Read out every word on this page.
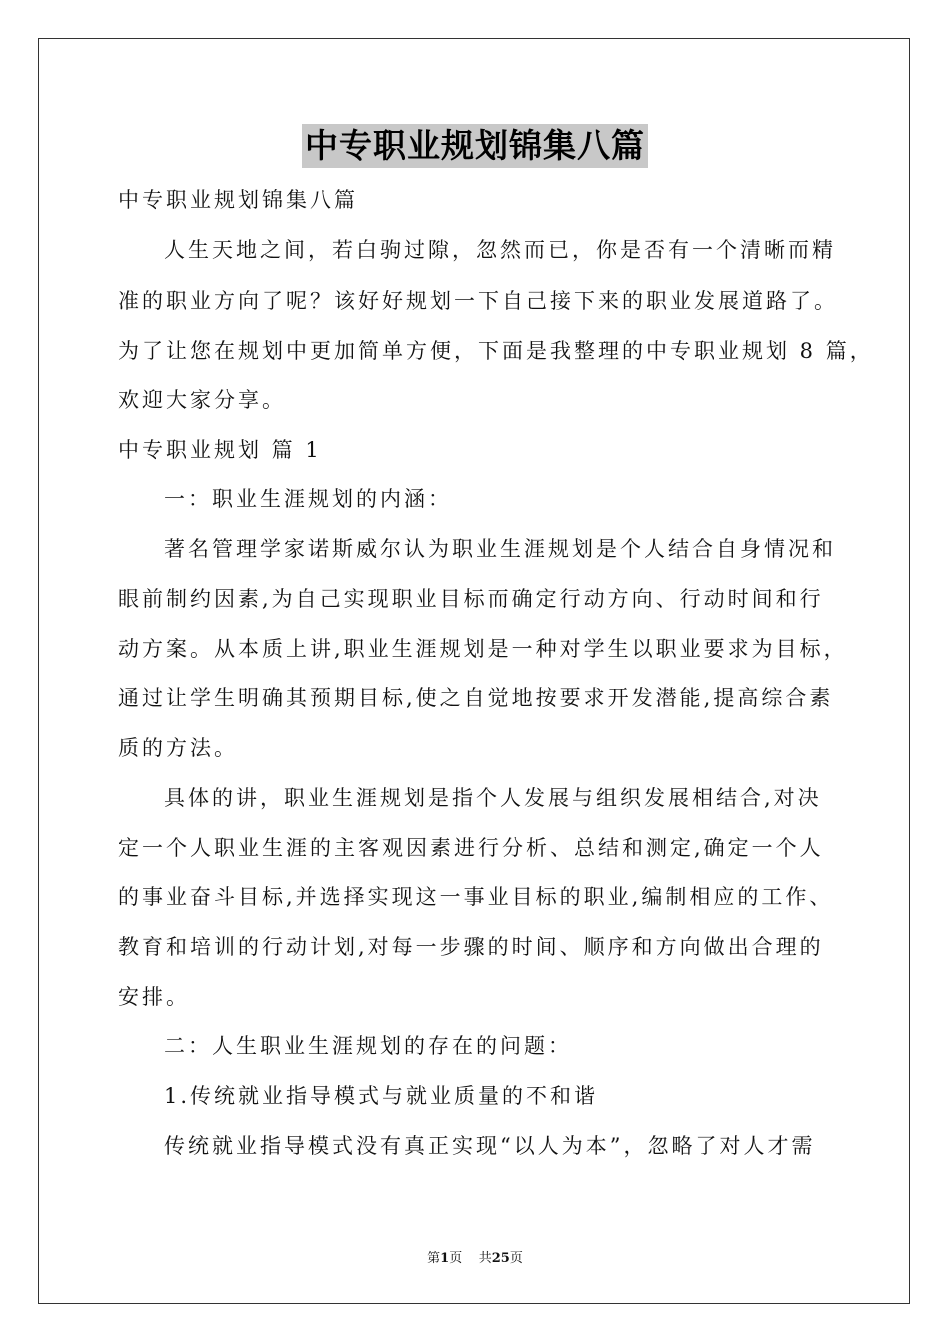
中专职业规划锦集八篇
中专职业规划锦集八篇
人生天地之间，若白驹过隙，忽然而已，你是否有一个清晰而精
准的职业方向了呢？该好好规划一下自己接下来的职业发展道路了。
为了让您在规划中更加简单方便，下面是我整理的中专职业规划 8 篇，
欢迎大家分享。
中专职业规划 篇 1
一：职业生涯规划的内涵：
著名管理学家诺斯威尔认为职业生涯规划是个人结合自身情况和
眼前制约因素,为自己实现职业目标而确定行动方向、行动时间和行
动方案。从本质上讲,职业生涯规划是一种对学生以职业要求为目标，
通过让学生明确其预期目标,使之自觉地按要求开发潜能,提高综合素
质的方法。
具体的讲，职业生涯规划是指个人发展与组织发展相结合,对决
定一个人职业生涯的主客观因素进行分析、总结和测定,确定一个人
的事业奋斗目标,并选择实现这一事业目标的职业,编制相应的工作、
教育和培训的行动计划,对每一步骤的时间、顺序和方向做出合理的
安排。
二：人生职业生涯规划的存在的问题：
1.传统就业指导模式与就业质量的不和谐
传统就业指导模式没有真正实现“以人为本”，忽略了对人才需
第1页 共25页
